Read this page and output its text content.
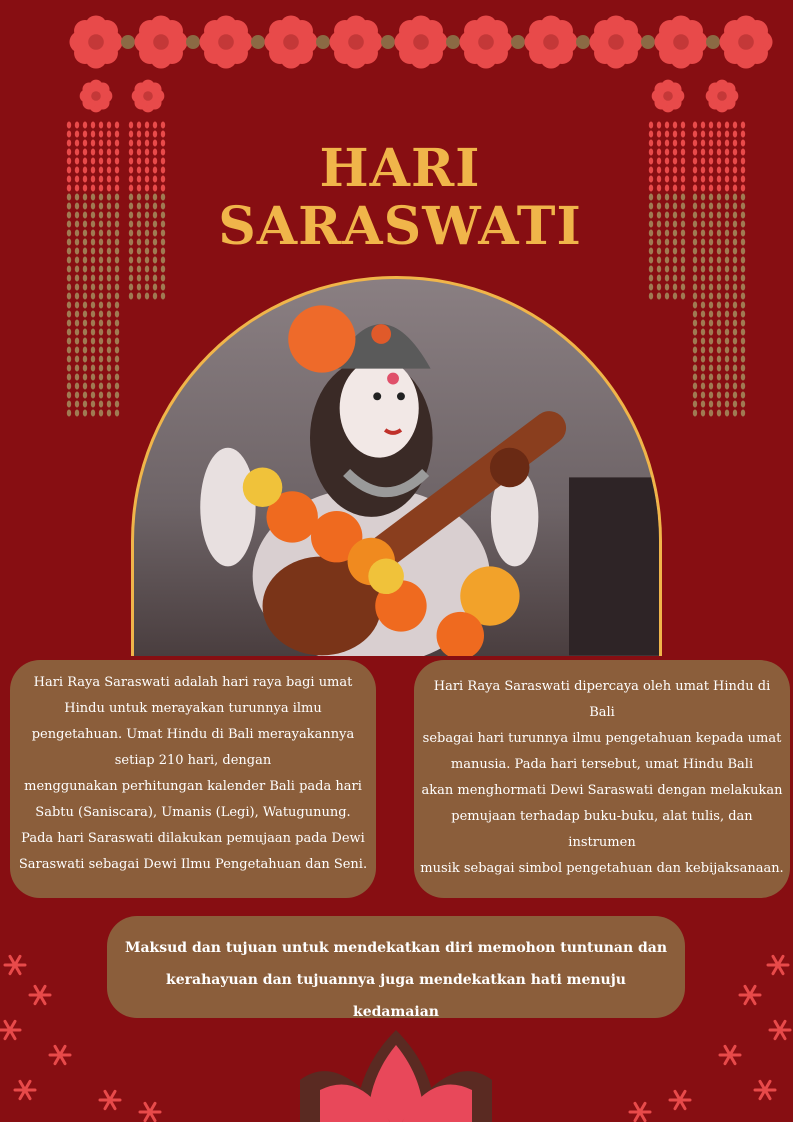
HARI
SARASWATI

Hari Raya Saraswati adalah hari raya bagi umat

Hindu untuk merayakan turunnya ilmu

pengetahuan. Umat Hindu di Bali merayakannya

setiap 210 hari, dengan

menggunakan perhitungan kalender Bali pada hari

Sabtu (Saniscara), Umanis (Legi), Watugunung.

Pada hari Saraswati dilakukan pemujaan pada Dewi

Saraswati sebagai Dewi Ilmu Pengetahuan dan Seni.

Hari Raya Saraswati dipercaya oleh umat Hindu di Bali

sebagai hari turunnya ilmu pengetahuan kepada umat

manusia. Pada hari tersebut, umat Hindu Bali

akan menghormati Dewi Saraswati dengan melakukan

pemujaan terhadap buku-buku, alat tulis, dan

instrumen

musik sebagai simbol pengetahuan dan kebijaksanaan.

Maksud dan tujuan untuk mendekatkan diri memohon tuntunan dan

kerahayuan dan tujuannya juga mendekatkan hati menuju kedamaian
